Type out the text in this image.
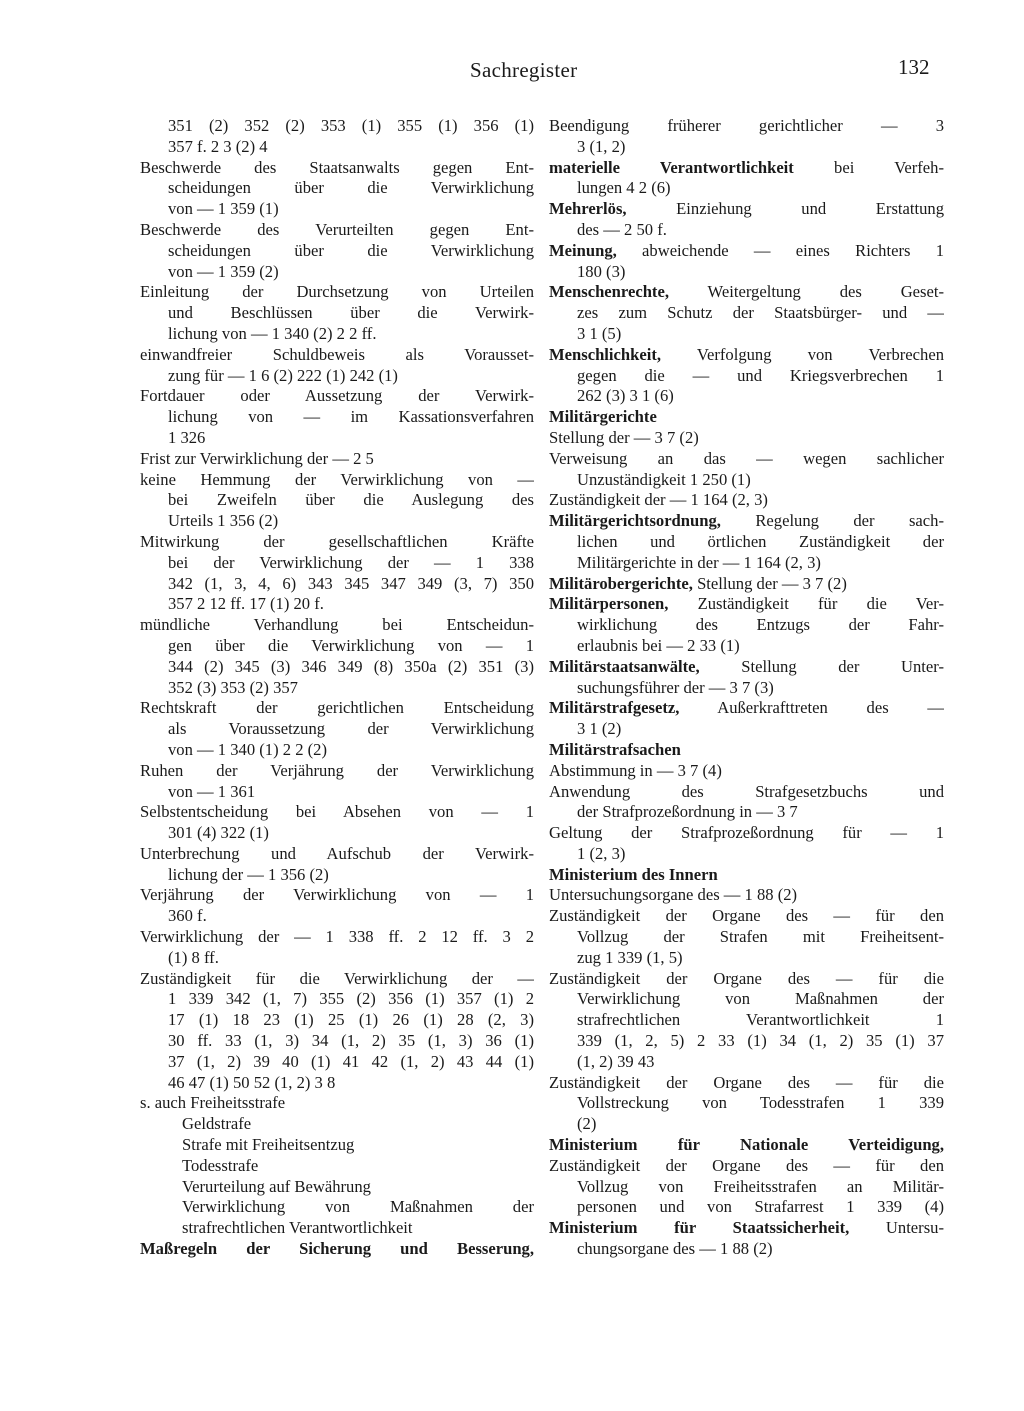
Sachregister	132
351 (2) 352 (2) 353 (1) 355 (1) 356 (1)
357 f. 2 3 (2) 4
Beschwerde des Staatsanwalts gegen Ent-
scheidungen über die Verwirklichung
von — 1 359 (1)
Beschwerde des Verurteilten gegen Ent-
scheidungen über die Verwirklichung
von — 1 359 (2)
Einleitung der Durchsetzung von Urteilen
und Beschlüssen über die Verwirk-
lichung von — 1 340 (2) 2 2 ff.
einwandfreier Schuldbeweis als Vorausset-
zung für — 1 6 (2) 222 (1) 242 (1)
Fortdauer oder Aussetzung der Verwirk-
lichung von — im Kassationsverfahren
1 326
Frist zur Verwirklichung der — 2 5
keine Hemmung der Verwirklichung von —
bei Zweifeln über die Auslegung des
Urteils 1 356 (2)
Mitwirkung der gesellschaftlichen Kräfte
bei der Verwirklichung der — 1 338
342 (1, 3, 4, 6) 343 345 347 349 (3, 7) 350
357 2 12 ff. 17 (1) 20 f.
mündliche Verhandlung bei Entscheidun-
gen über die Verwirklichung von — 1
344 (2) 345 (3) 346 349 (8) 350a (2) 351 (3)
352 (3) 353 (2) 357
Rechtskraft der gerichtlichen Entscheidung
als Voraussetzung der Verwirklichung
von — 1 340 (1) 2 2 (2)
Ruhen der Verjährung der Verwirklichung
von — 1 361
Selbstentscheidung bei Absehen von — 1
301 (4) 322 (1)
Unterbrechung und Aufschub der Verwirk-
lichung der — 1 356 (2)
Verjährung der Verwirklichung von — 1
360 f.
Verwirklichung der — 1 338 ff. 2 12 ff. 3 2
(1) 8 ff.
Zuständigkeit für die Verwirklichung der —
1 339 342 (1, 7) 355 (2) 356 (1) 357 (1) 2
17 (1) 18 23 (1) 25 (1) 26 (1) 28 (2, 3)
30 ff. 33 (1, 3) 34 (1, 2) 35 (1, 3) 36 (1)
37 (1, 2) 39 40 (1) 41 42 (1, 2) 43 44 (1)
46 47 (1) 50 52 (1, 2) 3 8
s. auch Freiheitsstrafe
Geldstrafe
Strafe mit Freiheitsentzug
Todesstrafe
Verurteilung auf Bewährung
Verwirklichung von Maßnahmen der
strafrechtlichen Verantwortlichkeit
Maßregeln der Sicherung und Besserung,
Beendigung früherer gerichtlicher — 3
3 (1, 2)
materielle Verantwortlichkeit bei Verfeh-
lungen 4 2 (6)
Mehrerlös, Einziehung und Erstattung
des — 2 50 f.
Meinung, abweichende — eines Richters 1
180 (3)
Menschenrechte, Weitergeltung des Geset-
zes zum Schutz der Staatsbürger- und —
3 1 (5)
Menschlichkeit, Verfolgung von Verbrechen
gegen die — und Kriegsverbrechen 1
262 (3) 3 1 (6)
Militärgerichte
Stellung der — 3 7 (2)
Verweisung an das — wegen sachlicher
Unzuständigkeit 1 250 (1)
Zuständigkeit der — 1 164 (2, 3)
Militärgerichtsordnung, Regelung der sach-
lichen und örtlichen Zuständigkeit der
Militärgerichte in der — 1 164 (2, 3)
Militärobergerichte, Stellung der — 3 7 (2)
Militärpersonen, Zuständigkeit für die Ver-
wirklichung des Entzugs der Fahr-
erlaubnis bei — 2 33 (1)
Militärstaatsanwälte, Stellung der Unter-
suchungsführer der — 3 7 (3)
Militärstrafgesetz, Außerkrafttreten des —
3 1 (2)
Militärstrafsachen
Abstimmung in — 3 7 (4)
Anwendung des Strafgesetzbuchs und
der Strafprozeßordnung in — 3 7
Geltung der Strafprozeßordnung für — 1
1 (2, 3)
Ministerium des Innern
Untersuchungsorgane des — 1 88 (2)
Zuständigkeit der Organe des — für den
Vollzug der Strafen mit Freiheitsent-
zug 1 339 (1, 5)
Zuständigkeit der Organe des — für die
Verwirklichung von Maßnahmen der
strafrechtlichen Verantwortlichkeit 1
339 (1, 2, 5) 2 33 (1) 34 (1, 2) 35 (1) 37
(1, 2) 39 43
Zuständigkeit der Organe des — für die
Vollstreckung von Todesstrafen 1 339
(2)
Ministerium für Nationale Verteidigung,
Zuständigkeit der Organe des — für den
Vollzug von Freiheitsstrafen an Militär-
personen und von Strafarrest 1 339 (4)
Ministerium für Staatssicherheit, Untersu-
chungsorgane des — 1 88 (2)
